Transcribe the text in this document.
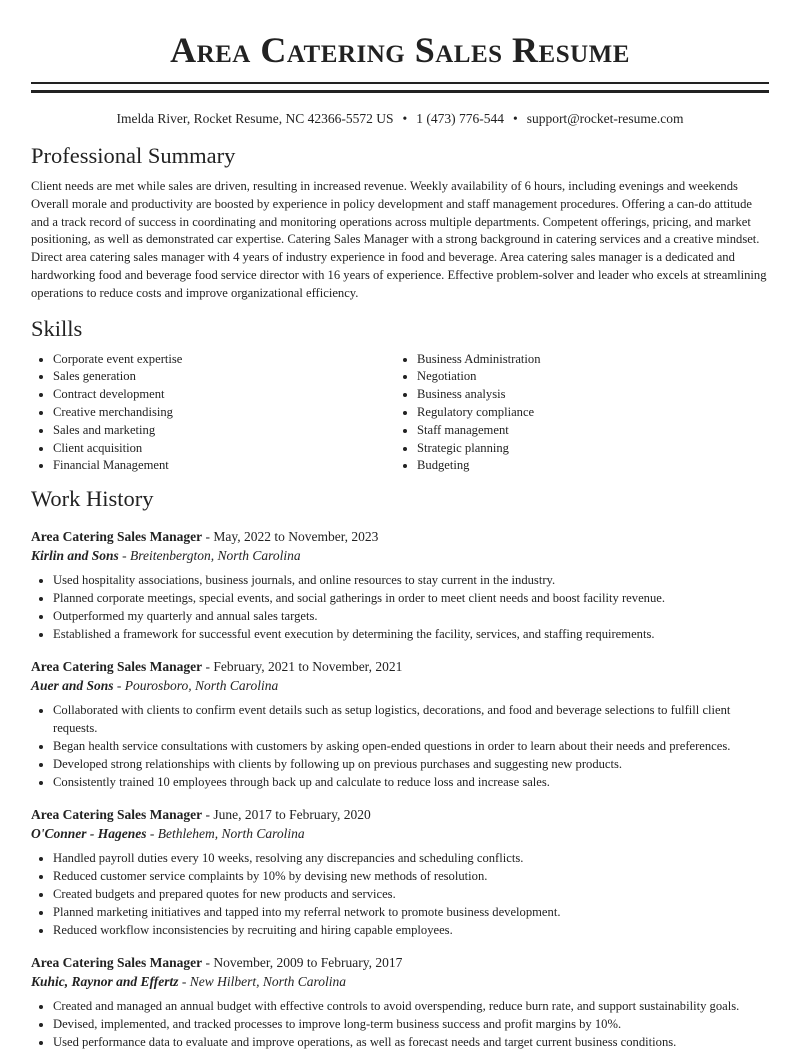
Area Catering Sales Resume
Imelda River, Rocket Resume, NC 42366-5572 US • 1 (473) 776-544 • support@rocket-resume.com
Professional Summary

Client needs are met while sales are driven, resulting in increased revenue. Weekly availability of 6 hours, including evenings and weekends Overall morale and productivity are boosted by experience in policy development and staff management procedures. Offering a can-do attitude and a track record of success in coordinating and monitoring operations across multiple departments. Competent offerings, pricing, and market positioning, as well as demonstrated car expertise. Catering Sales Manager with a strong background in catering services and a creative mindset. Direct area catering sales manager with 4 years of industry experience in food and beverage. Area catering sales manager is a dedicated and hardworking food and beverage food service director with 16 years of experience. Effective problem-solver and leader who excels at streamlining operations to reduce costs and improve organizational efficiency.

Skills
• Corporate event expertise
• Sales generation
• Contract development
• Creative merchandising
• Sales and marketing
• Client acquisition
• Financial Management
• Business Administration
• Negotiation
• Business analysis
• Regulatory compliance
• Staff management
• Strategic planning
• Budgeting
Work History
Area Catering Sales Manager - May, 2022 to November, 2023
Kirlin and Sons - Breitenbergton, North Carolina
• Used hospitality associations, business journals, and online resources to stay current in the industry.
• Planned corporate meetings, special events, and social gatherings in order to meet client needs and boost facility revenue.
• Outperformed my quarterly and annual sales targets.
• Established a framework for successful event execution by determining the facility, services, and staffing requirements.
Area Catering Sales Manager - February, 2021 to November, 2021
Auer and Sons - Pourosboro, North Carolina
• Collaborated with clients to confirm event details such as setup logistics, decorations, and food and beverage selections to fulfill client requests.
• Began health service consultations with customers by asking open-ended questions in order to learn about their needs and preferences.
• Developed strong relationships with clients by following up on previous purchases and suggesting new products.
• Consistently trained 10 employees through back up and calculate to reduce loss and increase sales.
Area Catering Sales Manager - June, 2017 to February, 2020
O'Conner - Hagenes - Bethlehem, North Carolina
• Handled payroll duties every 10 weeks, resolving any discrepancies and scheduling conflicts.
• Reduced customer service complaints by 10% by devising new methods of resolution.
• Created budgets and prepared quotes for new products and services.
• Planned marketing initiatives and tapped into my referral network to promote business development.
• Reduced workflow inconsistencies by recruiting and hiring capable employees.
Area Catering Sales Manager - November, 2009 to February, 2017
Kuhic, Raynor and Effertz - New Hilbert, North Carolina
• Created and managed an annual budget with effective controls to avoid overspending, reduce burn rate, and support sustainability goals.
• Devised, implemented, and tracked processes to improve long-term business success and profit margins by 10%.
• Used performance data to evaluate and improve operations, as well as forecast needs and target current business conditions.
